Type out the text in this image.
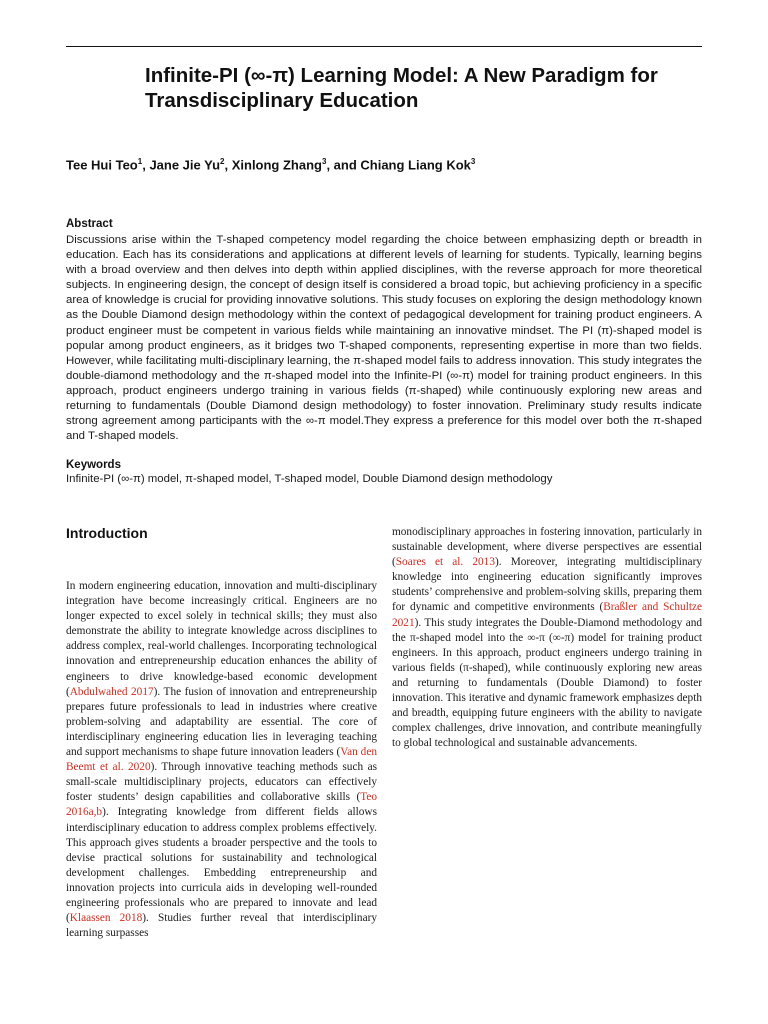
Infinite-PI (∞-π) Learning Model: A New Paradigm for Transdisciplinary Education
Tee Hui Teo$^1$, Jane Jie Yu$^2$, Xinlong Zhang$^3$, and Chiang Liang Kok$^3$
Abstract

Discussions arise within the T-shaped competency model regarding the choice between emphasizing depth or breadth in education. Each has its considerations and applications at different levels of learning for students. Typically, learning begins with a broad overview and then delves into depth within applied disciplines, with the reverse approach for more theoretical subjects. In engineering design, the concept of design itself is considered a broad topic, but achieving proficiency in a specific area of knowledge is crucial for providing innovative solutions. This study focuses on exploring the design methodology known as the Double Diamond design methodology within the context of pedagogical development for training product engineers. A product engineer must be competent in various fields while maintaining an innovative mindset. The PI (π)-shaped model is popular among product engineers, as it bridges two T-shaped components, representing expertise in more than two fields. However, while facilitating multi-disciplinary learning, the π-shaped model fails to address innovation. This study integrates the double-diamond methodology and the π-shaped model into the Infinite-PI (∞-π) model for training product engineers. In this approach, product engineers undergo training in various fields (π-shaped) while continuously exploring new areas and returning to fundamentals (Double Diamond design methodology) to foster innovation. Preliminary study results indicate strong agreement among participants with the ∞-π model.They express a preference for this model over both the π-shaped and T-shaped models.

Keywords

Infinite-PI (∞-π) model, π-shaped model, T-shaped model, Double Diamond design methodology

Introduction

In modern engineering education, innovation and multi-disciplinary integration have become increasingly critical. Engineers are no longer expected to excel solely in technical skills; they must also demonstrate the ability to integrate knowledge across disciplines to address complex, real-world challenges. Incorporating technological innovation and entrepreneurship education enhances the ability of engineers to drive knowledge-based economic development (Abdulwahed 2017). The fusion of innovation and entrepreneurship prepares future professionals to lead in industries where creative problem-solving and adaptability are essential. The core of interdisciplinary engineering education lies in leveraging teaching and support mechanisms to shape future innovation leaders (Van den Beemt et al. 2020). Through innovative teaching methods such as small-scale multidisciplinary projects, educators can effectively foster students’ design capabilities and collaborative skills (Teo 2016a,b). Integrating knowledge from different fields allows interdisciplinary education to address complex problems effectively. This approach gives students a broader perspective and the tools to devise practical solutions for sustainability and technological development challenges. Embedding entrepreneurship and innovation projects into curricula aids in developing well-rounded engineering professionals who are prepared to innovate and lead (Klaassen 2018). Studies further reveal that interdisciplinary learning surpasses

monodisciplinary approaches in fostering innovation, particularly in sustainable development, where diverse perspectives are essential (Soares et al. 2013). Moreover, integrating multidisciplinary knowledge into engineering education significantly improves students’ comprehensive and problem-solving skills, preparing them for dynamic and competitive environments (Braßler and Schultze 2021). This study integrates the Double-Diamond methodology and the π-shaped model into the ∞-π (∞-π) model for training product engineers. In this approach, product engineers undergo training in various fields (π-shaped), while continuously exploring new areas and returning to fundamentals (Double Diamond) to foster innovation. This iterative and dynamic framework emphasizes depth and breadth, equipping future engineers with the ability to navigate complex challenges, drive innovation, and contribute meaningfully to global technological and sustainable advancements.
